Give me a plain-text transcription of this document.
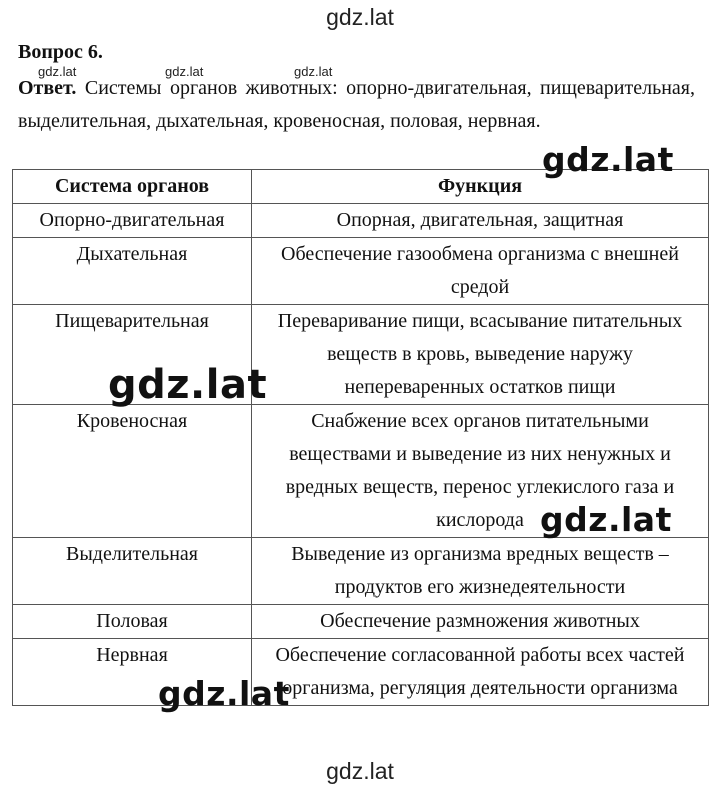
gdz.lat
Вопрос 6.
Ответ. Системы органов животных: опорно-двигательная, пищеварительная, выделительная, дыхательная, кровеносная, половая, нервная.
gdz.lat	gdz.lat	gdz.lat
Система органов	Функция
Опорно-двигательная	Опорная, двигательная, защитная
Дыхательная	Обеспечение газообмена организма с внешней средой
Пищеварительная	Переваривание пищи, всасывание питательных веществ в кровь, выведение наружу непереваренных остатков пищи
Кровеносная	Снабжение всех органов питательными веществами и выведение из них ненужных и вредных веществ, перенос углекислого газа и кислорода
Выделительная	Выведение из организма вредных веществ – продуктов его жизнедеятельности
Половая	Обеспечение размножения животных
Нервная	Обеспечение согласованной работы всех частей организма, регуляция деятельности организма
gdz.lat
gdz.lat
gdz.lat
gdz.lat
gdz.lat
